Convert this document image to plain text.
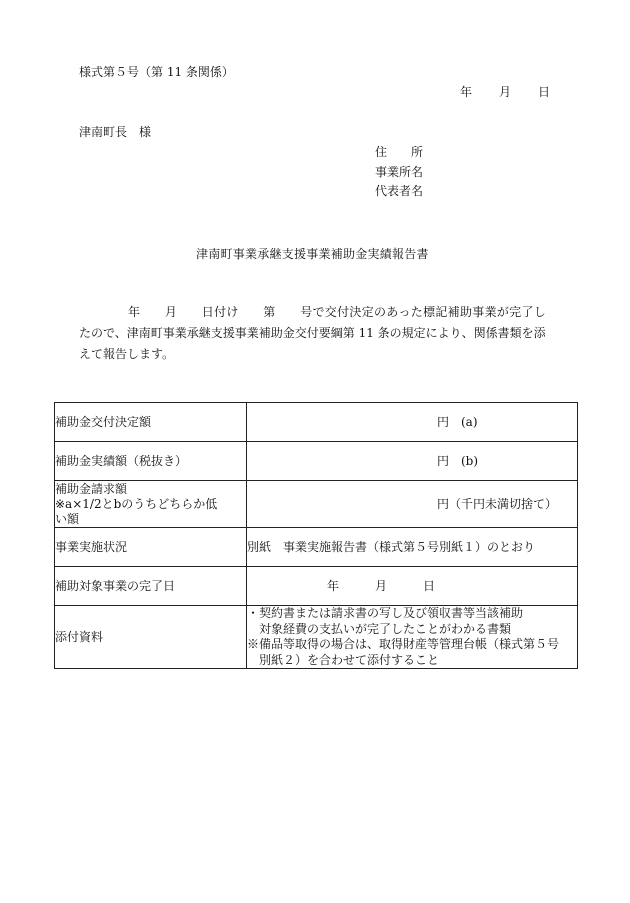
様式第５号（第 11 条関係）
年　　月　　日
津南町長　様
住　　所
事業所名
代表者名
津南町事業承継支援事業補助金実績報告書
年　　月　　日付け　　第　　号で交付決定のあった標記補助事業が完了し
たので、津南町事業承継支援事業補助金交付要綱第 11 条の規定により、関係書類を添
えて報告します。
補助金交付決定額	円　(a)
補助金実績額（税抜き）	円　(b)

補助金請求額
※a×1/2とbのうちどちらか低
い額	円（千円未満切捨て）
事業実施状況	別紙　事業実施報告書（様式第５号別紙１）のとおり
補助対象事業の完了日	年　　　月　　　日
添付資料	・契約書または請求書の写し及び領収書等当該補助
対象経費の支払いが完了したことがわかる書類
※備品等取得の場合は、取得財産等管理台帳（様式第５号
別紙２）を合わせて添付すること
